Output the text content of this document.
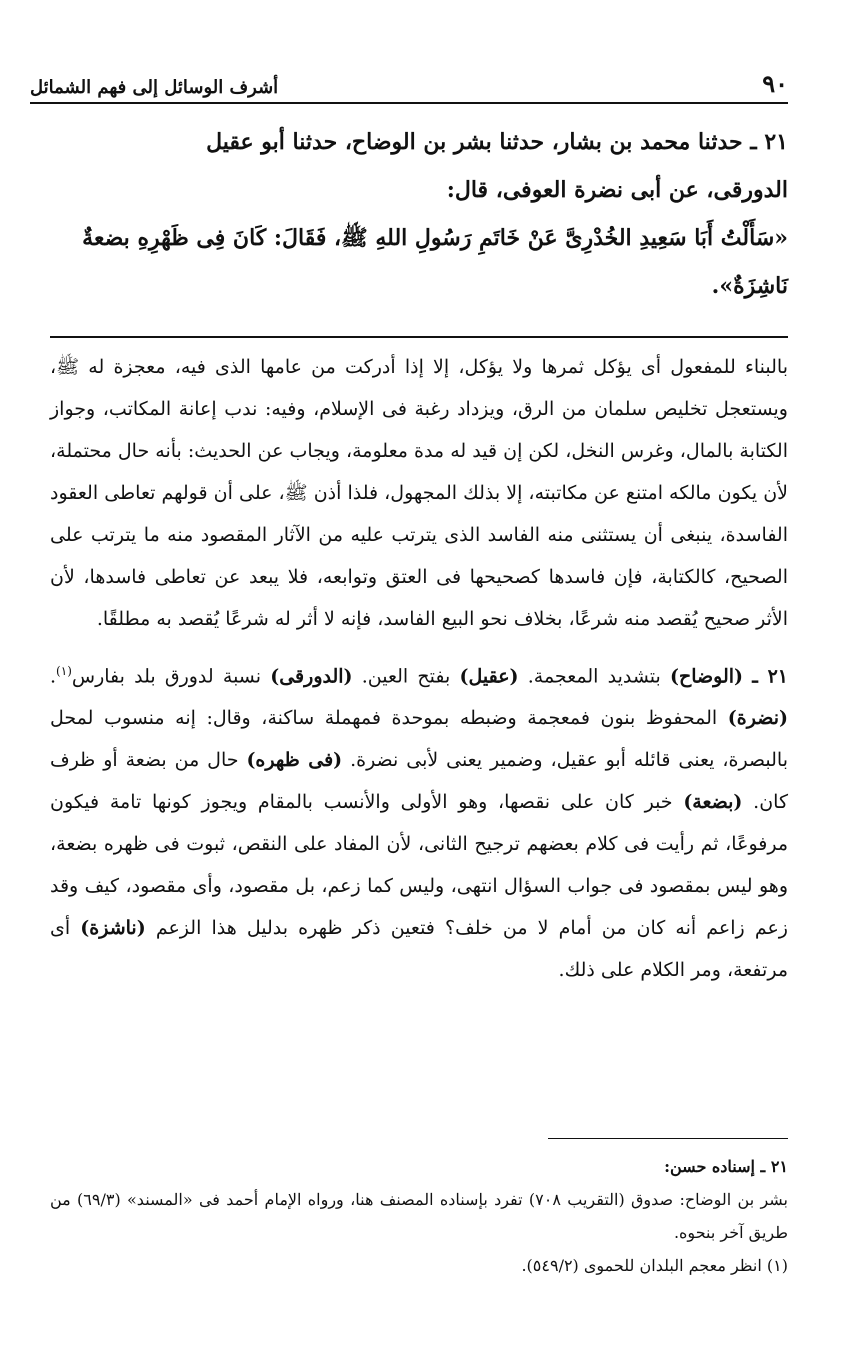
٩٠
أشرف الوسائل إلى فهم الشمائل

٢١ ـ حدثنا محمد بن بشار، حدثنا بشر بن الوضاح، حدثنا أبو عقيل

الدورقى، عن أبى نضرة العوفى، قال:

«سَأَلْتُ أَبَا سَعِيدِ الخُدْرِىَّ عَنْ خَاتَمِ رَسُولِ اللهِ ﷺ، فَقَالَ: كَانَ فِى ظَهْرِهِ بضعةٌ

نَاشِزَةٌ».

بالبناء للمفعول أى يؤكل ثمرها ولا يؤكل، إلا إذا أدركت من عامها الذى فيه، معجزة له ﷺ، ويستعجل تخليص سلمان من الرق، ويزداد رغبة فى الإسلام، وفيه: ندب إعانة المكاتب، وجواز الكتابة بالمال، وغرس النخل، لكن إن قيد له مدة معلومة، ويجاب عن الحديث: بأنه حال محتملة، لأن يكون مالكه امتنع عن مكاتبته، إلا بذلك المجهول، فلذا أذن ﷺ، على أن قولهم تعاطى العقود الفاسدة، ينبغى أن يستثنى منه الفاسد الذى يترتب عليه من الآثار المقصود منه ما يترتب على الصحيح، كالكتابة، فإن فاسدها كصحيحها فى العتق وتوابعه، فلا يبعد عن تعاطى فاسدها، لأن الأثر صحيح يُقصد منه شرعًا، بخلاف نحو البيع الفاسد، فإنه لا أثر له شرعًا يُقصد به مطلقًا.

٢١ ـ (الوضاح) بتشديد المعجمة. (عقيل) بفتح العين. (الدورقى) نسبة لدورق بلد بفارس$^{(١)}$. (نضرة) المحفوظ بنون فمعجمة وضبطه بموحدة فمهملة ساكنة، وقال: إنه منسوب لمحل بالبصرة، يعنى قائله أبو عقيل، وضمير يعنى لأبى نضرة. (فى ظهره) حال من بضعة أو ظرف كان. (بضعة) خبر كان على نقصها، وهو الأولى والأنسب بالمقام ويجوز كونها تامة فيكون مرفوعًا، ثم رأيت فى كلام بعضهم ترجيح الثانى، لأن المفاد على النقص، ثبوت فى ظهره بضعة، وهو ليس بمقصود فى جواب السؤال انتهى، وليس كما زعم، بل مقصود، وأى مقصود، كيف وقد زعم زاعم أنه كان من أمام لا من خلف؟ فتعين ذكر ظهره بدليل هذا الزعم (ناشزة) أى مرتفعة، ومر الكلام على ذلك.

٢١ ـ إسناده حسن:

بشر بن الوضاح: صدوق (التقريب ٧٠٨) تفرد بإسناده المصنف هنا، ورواه الإمام أحمد فى «المسند» (٦٩/٣) من طريق آخر بنحوه.

(١) انظر معجم البلدان للحموى (٥٤٩/٢).
